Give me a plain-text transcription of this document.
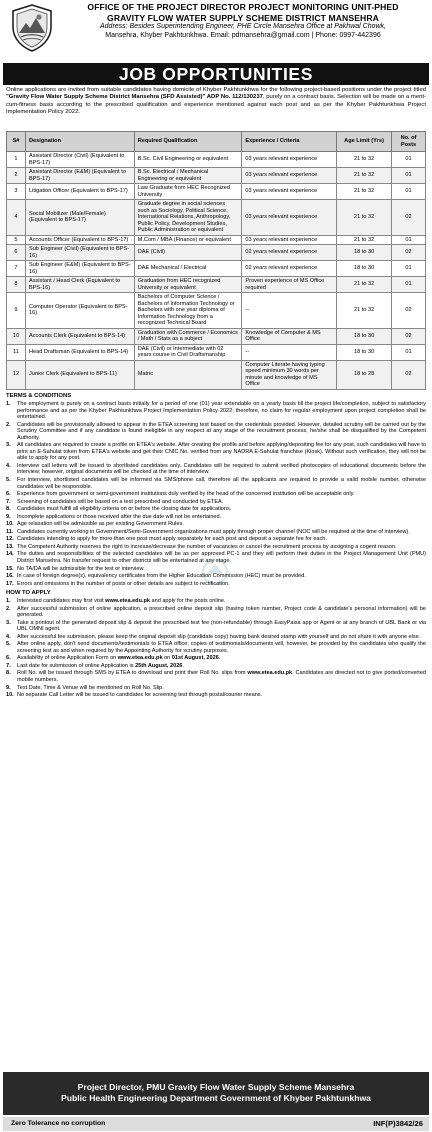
OFFICE OF THE PROJECT DIRECTOR PROJECT MONITORING UNIT-PHED
GRAVITY FLOW WATER SUPPLY SCHEME DISTRICT MANSEHRA
Address: Besides Superintending Engineer, PHE Circle Mansehra Office at Pakhwal Chowk,
Mansehra, Khyber Pakhtunkhwa. Email: pdmansehra@gmail.com | Phone: 0997-442396
JOB OPPORTUNITIES
Online applications are invited from suitable candidates having domicile of Khyber Pakhtunkhwa for the following project-based positions under the project titled "Gravity Flow Water Supply Scheme District Mansehra (SFD Assisted)" ADP No. 112/130237, purely on a contract basis. Selection will be made on a merit-cum-fitness basis according to the prescribed qualification and experience mentioned against each post and as per the Khyber Pakhtunkhwa Project Implementation Policy 2022.
S#	Designation	Required Qualification	Experience / Criteria	Age Limit (Yrs)	No. of Posts
1	Assistant Director (Civil) (Equivalent to BPS-17)	B.Sc. Civil Engineering or equivalent	03 years relevant experience	21 to 32	01
2	Assistant Director (E&M) (Equivalent to BPS-17)	B.Sc. Electrical / Mechanical Engineering or equivalent	03 years relevant experience	21 to 32	01
3	Litigation Officer (Equivalent to BPS-17)	Law Graduate from HEC Recognized University	03 years relevant experience	21 to 32	01
4	Social Mobilizer (Male/Female) (Equivalent to BPS-17)	Graduate degree in social sciences such as Sociology, Political Science, International Relations, Anthropology, Public Policy, Development Studies, Public Administration or equivalent	03 years relevant experience	21 to 32	02
5	Accounts Officer (Equivalent to BPS-17)	M.Com / MBA (Finance) or equivalent	03 years relevant experience	21 to 32	01
6	Sub Engineer (Civil) (Equivalent to BPS-16)	DAE (Civil)	02 years relevant experience	18 to 30	02
7	Sub Engineer (E&M) (Equivalent to BPS-16)	DAE Mechanical / Electrical	02 years relevant experience	18 to 30	01
8	Assistant / Head Clerk (Equivalent to BPS-16)	Graduation from HEC recognized University or equivalent	Proven experience of MS Office required	21 to 32	01
9	Computer Operator (Equivalent to BPS-16)	Bachelors of Computer Science / Bachelors of Information Technology or Bachelors with one year diploma of Information Technology from a recognized Technical Board	--	21 to 32	02
10	Accounts Clerk (Equivalent to BPS-14)	Graduation with Commerce / Economics / Math / Stats as a subject	Knowledge of Computer & MS Office	18 to 30	02
11	Head Draftsman (Equivalent to BPS-14)	DAE (Civil) or Intermediate with 02 years course in Civil Draftsmanship	--	18 to 30	01
12	Junior Clerk (Equivalent to BPS-11)	Matric	Computer Literate having typing speed minimum 30 words per minute and knowledge of MS Office	18 to 28	02
TERMS & CONDITIONS
1.	The employment is purely on a contract basis initially for a period of one (01) year extendable on a yearly basis till the project life/completion, subject to satisfactory performance and as per the Khyber Pakhtunkhwa Project Implementation Policy 2022; therefore, no claim for regular employment upon project completion shall be entertained.
2.	Candidates will be provisionally allowed to appear in the ETEA screening test based on the credentials provided. However, detailed scrutiny will be carried out by the Scrutiny Committee and if any candidate is found ineligible in any respect at any stage of the recruitment process, he/she shall be disqualified by the Competent Authority.
3.	All candidates are required to create a profile on ETEA's website. After creating the profile and before applying/depositing fee for any post, such candidates will have to print an E-Sahulat token from ETEA's website and get their CNIC No. verified from any NADRA E-Sahulat franchise (Kiosk). Without such verification, they will not be able to apply for any post.
4.	Interview call letters will be issued to shortlisted candidates only. Candidates will be required to submit verified photocopies of educational documents before the interview; however, original documents will be checked at the time of interview.
5.	For interview, shortlisted candidates will be informed via SMS/phone call, therefore all the applicants are required to provide a valid mobile number, otherwise candidates will be responsible.
6.	Experience from government or semi-government institutions duly verified by the head of the concerned institution will be acceptable only.
7.	Screening of candidates will be based on a test prescribed and conducted by ETEA.
8.	Candidates must fulfill all eligibility criteria on or before the closing date for applications.
9.	Incomplete applications or those received after the due date will not be entertained.
10. Age relaxation will be admissible as per existing Government Rules.
11. Candidates currently working in Government/Semi-Government organizations must apply through proper channel (NOC will be required at the time of interview).
12. Candidates intending to apply for more than one post must apply separately for each post and deposit a separate fee for each.
13. The Competent Authority reserves the right to increase/decrease the number of vacancies or cancel the recruitment process by assigning a cogent reason.
14. The duties and responsibilities of the selected candidates will be as per approved PC-1 and they will perform their duties in the Project Management Unit (PMU) District Mansehra. No transfer request to other districts will be entertained at any stage.
15. No TA/DA will be admissible for the test or interview.
16. In case of foreign degree(s), equivalency certificates from the Higher Education Commission (HEC) must be provided.
17. Errors and omissions in the number of posts or other details are subject to rectification.
HOW TO APPLY
1.	Interested candidates may first visit www.etea.edu.pk and apply for the posts online.
2.	After successful submission of online application, a prescribed online deposit slip (having token number, Project code & candidate's personal information) will be generated.
3.	Take a printout of the generated deposit slip & deposit the prescribed test fee (non-refundable) through EasyPaisa app or Agent or at any branch of UBL Bank or via UBL OMNI agent.
4.	After successful fee submission, please keep the original deposit slip (candidate copy) having bank desired stamp with yourself and do not share it with anyone else.
5.	After online apply, don't send documents/testimonials to ETEA office; copies of testimonials/documents will, however, be provided by the candidates who qualify the screening test as and when required by the Appointing Authority for scrutiny purposes.
6.	Availability of online Application Form on www.etea.edu.pk on 01st August, 2026.
7.	Last date for submission of online Application is 25th August, 2026.
8.	Roll No. will be issued through SMS by ETEA to download and print their Roll No. slips from www.etea.edu.pk. Candidates are directed not to give ported/converted mobile numbers.
9.	Test Date, Time & Venue will be mentioned on Roll No. Slip.
10. No separate Call Letter will be issued to candidates for screening test through postal/courier means.
Project Director, PMU Gravity Flow Water Supply Scheme Mansehra
Public Health Engineering Department Government of Khyber Pakhtunkhwa
Zero Tolerance no corruption	INF(P)3842/26
